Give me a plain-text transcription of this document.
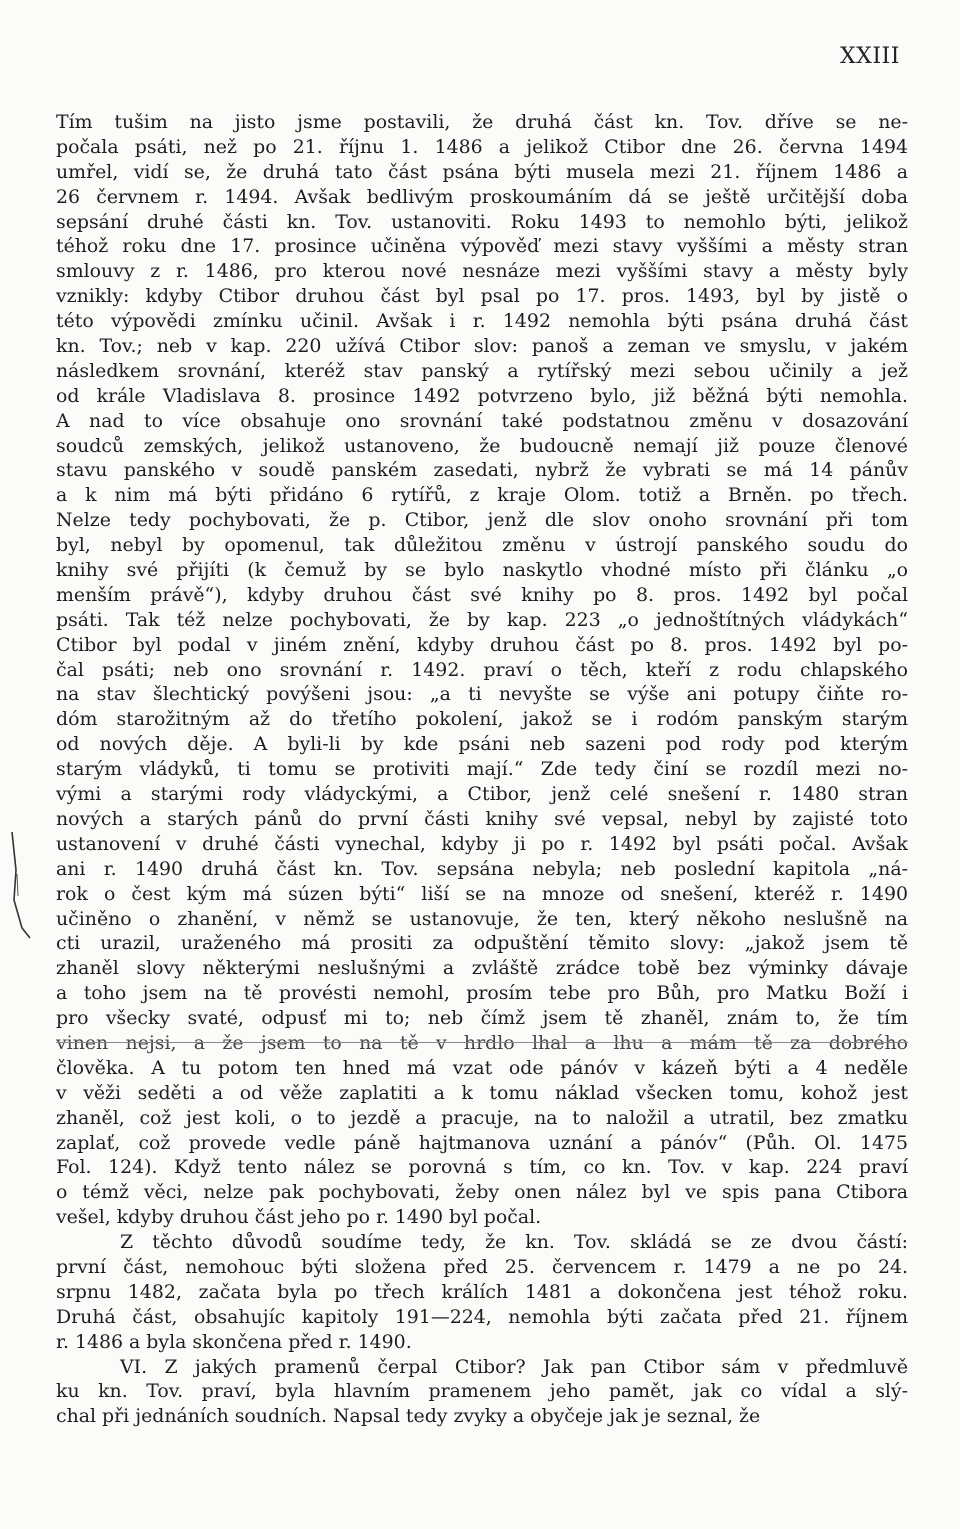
XXIII
Tím tušim na jisto jsme postavili, že druhá část kn. Tov. dříve se ne-
počala psáti, než po 21. říjnu 1. 1486 a jelikož Ctibor dne 26. června 1494
umřel, vidí se, že druhá tato část psána býti musela mezi 21. říjnem 1486 a
26 červnem r. 1494. Avšak bedlivým proskoumáním dá se ještě určitější doba
sepsání druhé části kn. Tov. ustanoviti. Roku 1493 to nemohlo býti, jelikož
téhož roku dne 17. prosince učiněna výpověď mezi stavy vyššími a městy stran
smlouvy z r. 1486, pro kterou nové nesnáze mezi vyššími stavy a městy byly
vznikly: kdyby Ctibor druhou část byl psal po 17. pros. 1493, byl by jistě o
této výpovědi zmínku učinil. Avšak i r. 1492 nemohla býti psána druhá část
kn. Tov.; neb v kap. 220 užívá Ctibor slov: panoš a zeman ve smyslu, v jakém
následkem srovnání, kteréž stav panský a rytířský mezi sebou učinily a jež
od krále Vladislava 8. prosince 1492 potvrzeno bylo, již běžná býti nemohla.
A nad to více obsahuje ono srovnání také podstatnou změnu v dosazování
soudců zemských, jelikož ustanoveno, že budoucně nemají již pouze členové
stavu panského v soudě panském zasedati, nybrž že vybrati se má 14 pánův
a k nim má býti přidáno 6 rytířů, z kraje Olom. totiž a Brněn. po třech.
Nelze tedy pochybovati, že p. Ctibor, jenž dle slov onoho srovnání při tom
byl, nebyl by opomenul, tak důležitou změnu v ústrojí panského soudu do
knihy své přijíti (k čemuž by se bylo naskytlo vhodné místo při článku „o
menším právě“), kdyby druhou část své knihy po 8. pros. 1492 byl počal
psáti. Tak též nelze pochybovati, že by kap. 223 „o jednoštítných vládykách“
Ctibor byl podal v jiném znění, kdyby druhou část po 8. pros. 1492 byl po-
čal psáti; neb ono srovnání r. 1492. praví o těch, kteří z rodu chlapského
na stav šlechtický povýšeni jsou: „a ti nevyšte se výše ani potupy čiňte ro-
dóm starožitným až do třetího pokolení, jakož se i rodóm panským starým
od nových děje. A byli-li by kde psáni neb sazeni pod rody pod kterým
starým vládyků, ti tomu se protiviti mají.“ Zde tedy činí se rozdíl mezi no-
vými a starými rody vládyckými, a Ctibor, jenž celé snešení r. 1480 stran
nových a starých pánů do první části knihy své vepsal, nebyl by zajisté toto
ustanovení v druhé části vynechal, kdyby ji po r. 1492 byl psáti počal. Avšak
ani r. 1490 druhá část kn. Tov. sepsána nebyla; neb poslední kapitola „ná-
rok o čest kým má súzen býti“ liší se na mnoze od snešení, kteréž r. 1490
učiněno o zhanění, v němž se ustanovuje, že ten, který někoho neslušně na
cti urazil, uraženého má prositi za odpuštění těmito slovy: „jakož jsem tě
zhaněl slovy některými neslušnými a zvláště zrádce tobě bez výminky dávaje
a toho jsem na tě provésti nemohl, prosím tebe pro Bůh, pro Matku Boží i
pro všecky svaté, odpusť mi to; neb čímž jsem tě zhaněl, znám to, že tím
vinen nejsi, a že jsem to na tě v hrdlo lhal a lhu a mám tě za dobrého
člověka. A tu potom ten hned má vzat ode pánóv v kázeň býti a 4 neděle
v věži seděti a od věže zaplatiti a k tomu náklad všecken tomu, kohož jest
zhaněl, což jest koli, o to jezdě a pracuje, na to naložil a utratil, bez zmatku
zaplať, což provede vedle páně hajtmanova uznání a pánóv“ (Půh. Ol. 1475
Fol. 124). Když tento nález se porovná s tím, co kn. Tov. v kap. 224 praví
o témž věci, nelze pak pochybovati, žeby onen nález byl ve spis pana Ctibora
vešel, kdyby druhou část jeho po r. 1490 byl počal.
Z těchto důvodů soudíme tedy, že kn. Tov. skládá se ze dvou částí:
první část, nemohouc býti složena před 25. červencem r. 1479 a ne po 24.
srpnu 1482, začata byla po třech králích 1481 a dokončena jest téhož roku.
Druhá část, obsahujíc kapitoly 191—224, nemohla býti začata před 21. říjnem
r. 1486 a byla skončena před r. 1490.
VI. Z jakých pramenů čerpal Ctibor? Jak pan Ctibor sám v předmluvě
ku kn. Tov. praví, byla hlavním pramenem jeho pamět, jak co vídal a slý-
chal při jednáních soudních. Napsal tedy zvyky a obyčeje jak je seznal, že
